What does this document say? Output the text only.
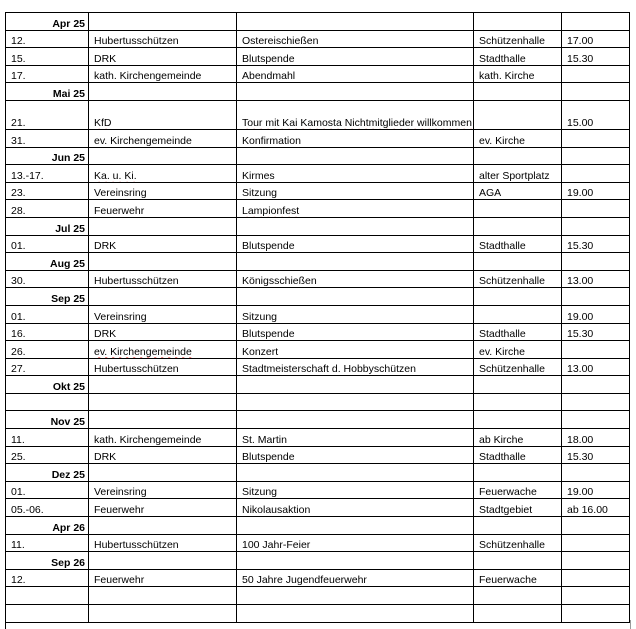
Apr 25				
12.	Hubertusschützen	Ostereischießen	Schützenhalle	17.00
15.	DRK	Blutspende	Stadthalle	15.30
17.	kath. Kirchengemeinde	Abendmahl	kath. Kirche	
Mai 25				
21.	KfD	Tour mit Kai Kamosta Nichtmitglieder willkommen		15.00
31.	ev. Kirchengemeinde	Konfirmation	ev. Kirche	
Jun 25				
13.-17.	Ka. u. Ki.	Kirmes	alter Sportplatz	
23.	Vereinsring	Sitzung	AGA	19.00
28.	Feuerwehr	Lampionfest		
Jul 25				
01.	DRK	Blutspende	Stadthalle	15.30
Aug 25				
30.	Hubertusschützen	Königsschießen	Schützenhalle	13.00
Sep 25				
01.	Vereinsring	Sitzung		19.00
16.	DRK	Blutspende	Stadthalle	15.30
26.	ev. Kirchengemeinde	Konzert	ev. Kirche	
27.	Hubertusschützen	Stadtmeisterschaft d. Hobbyschützen	Schützenhalle	13.00
Okt 25				

Nov 25				
11.	kath. Kirchengemeinde	St. Martin	ab Kirche	18.00
25.	DRK	Blutspende	Stadthalle	15.30
Dez 25				
01.	Vereinsring	Sitzung	Feuerwache	19.00
05.-06.	Feuerwehr	Nikolausaktion	Stadtgebiet	ab 16.00
Apr 26				
11.	Hubertusschützen	100 Jahr-Feier	Schützenhalle	
Sep 26				
12.	Feuerwehr	50 Jahre Jugendfeuerwehr	Feuerwache	
